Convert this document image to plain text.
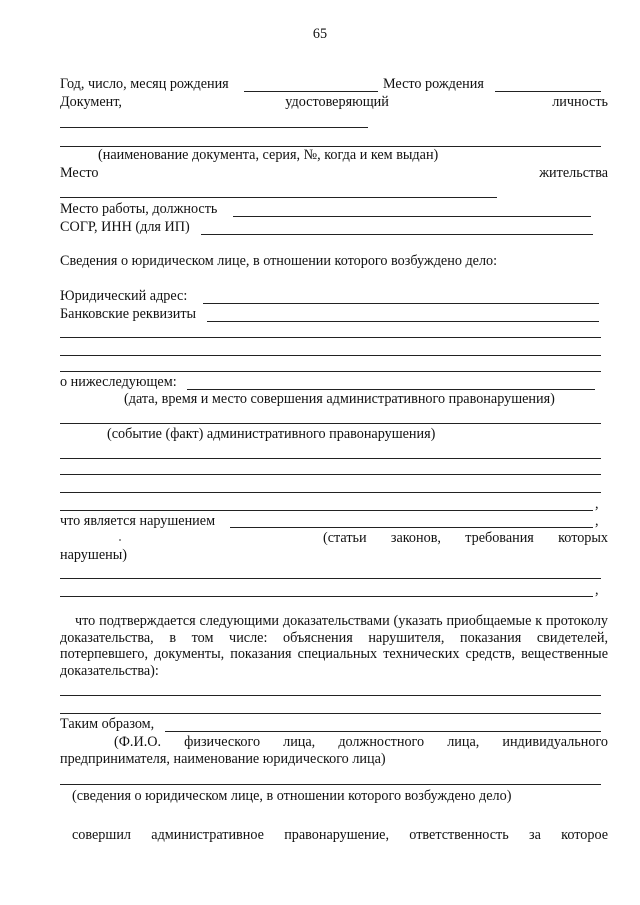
65
Год, число, месяц рождения	Место рождения
Документ,	удостоверяющий	личность
(наименование документа, серия, №, когда и кем выдан)
Место	жительства
Место работы, должность
СОГР, ИНН (для ИП)
Сведения о юридическом лице, в отношении которого возбуждено дело:
Юридический адрес:
Банковские реквизиты
о нижеследующем:
(дата, время и место совершения административного правонарушения)
(событие (факт) административного правонарушения)
,
что является нарушением	,
(статьи законов, требования которых
нарушены)
,
что подтверждается следующими доказательствами (указать приобщаемые к протоколу доказательства, в том числе: объяснения нарушителя, показания свидетелей, потерпевшего, документы, показания специальных технических средств, вещественные доказательства):
Таким образом,
(Ф.И.О. физического лица, должностного лица, индивидуального
предпринимателя, наименование юридического лица)
(сведения о юридическом лице, в отношении которого возбуждено дело)
совершил административное правонарушение, ответственность за которое
